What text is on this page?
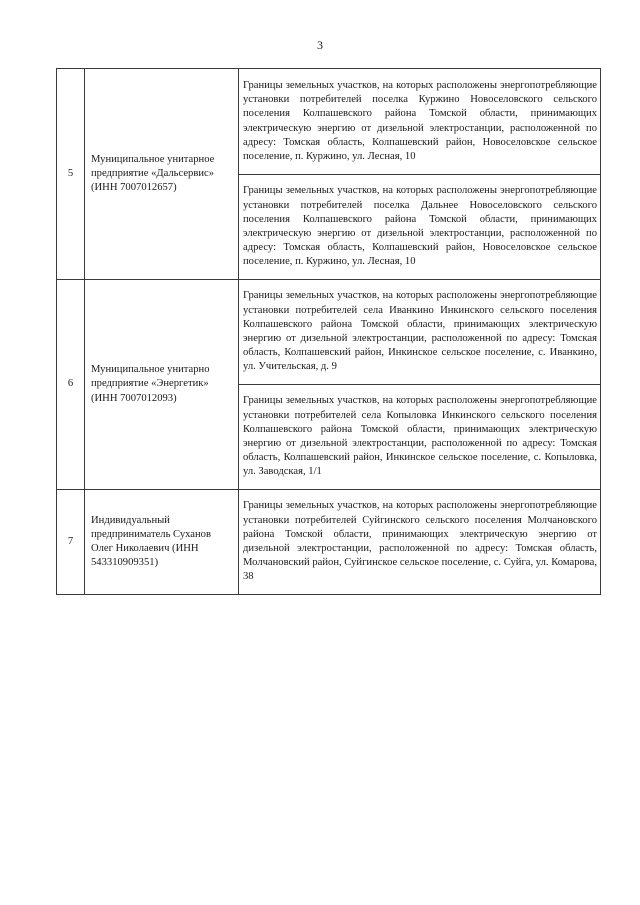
3
5	Муниципальное унитарное предприятие «Дальсервис» (ИНН 7007012657)	Границы земельных участков, на которых расположены энергопотребляющие установки потребителей поселка Куржино Новоселовского сельского поселения Колпашевского района Томской области, принимающих электрическую энергию от дизельной электростанции, расположенной по адресу: Томская область, Колпашевский район, Новоселовское сельское поселение, п. Куржино, ул. Лесная, 10
		Границы земельных участков, на которых расположены энергопотребляющие установки потребителей поселка Дальнее Новоселовского сельского поселения Колпашевского района Томской области, принимающих электрическую энергию от дизельной электростанции, расположенной по адресу: Томская область, Колпашевский район, Новоселовское сельское поселение, п. Куржино, ул. Лесная, 10
6	Муниципальное унитарно предприятие «Энергетик» (ИНН 7007012093)	Границы земельных участков, на которых расположены энергопотребляющие установки потребителей села Иванкино Инкинского сельского поселения Колпашевского района Томской области, принимающих электрическую энергию от дизельной электростанции, расположенной по адресу: Томская область, Колпашевский район, Инкинское сельское поселение, с. Иванкино, ул. Учительская, д. 9
		Границы земельных участков, на которых расположены энергопотребляющие установки потребителей села Копыловка Инкинского сельского поселения Колпашевского района Томской области, принимающих электрическую энергию от дизельной электростанции, расположенной по адресу: Томская область, Колпашевский район, Инкинское сельское поселение, с. Копыловка, ул. Заводская, 1/1
7	Индивидуальный предприниматель Суханов Олег Николаевич (ИНН 543310909351)	Границы земельных участков, на которых расположены энергопотребляющие установки потребителей Суйгинского сельского поселения Молчановского района Томской области, принимающих электрическую энергию от дизельной электростанции, расположенной по адресу: Томская область, Молчановский район, Суйгинское сельское поселение, с. Суйга, ул. Комарова, 38
